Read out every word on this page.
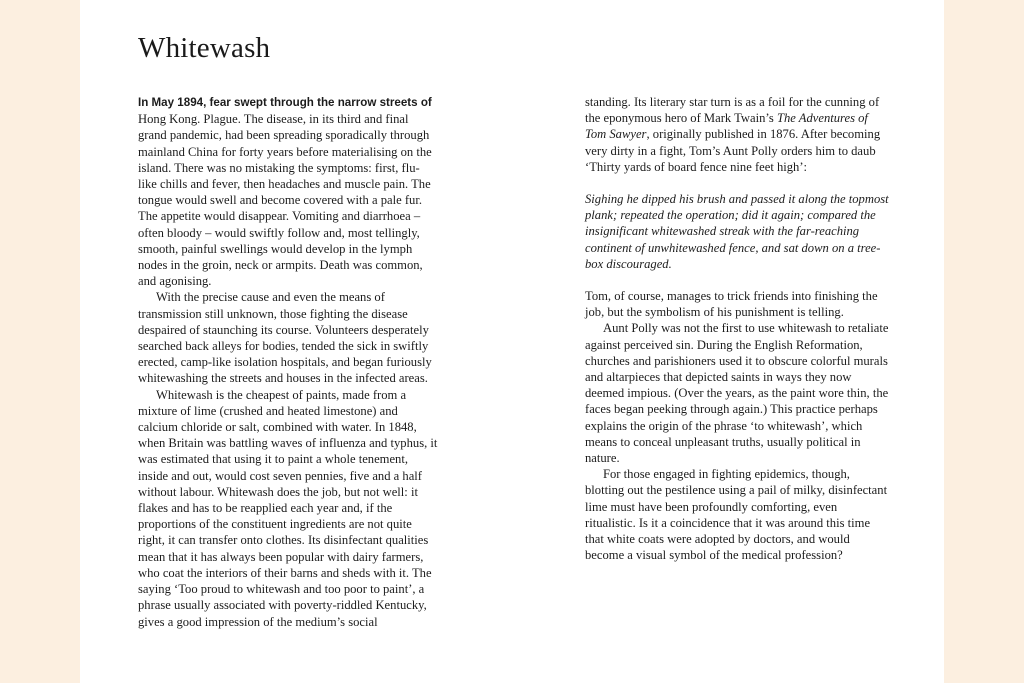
Whitewash

In May 1894, fear swept through the narrow streets of Hong Kong. Plague. The disease, in its third and final grand pandemic, had been spreading sporadically through mainland China for forty years before materialising on the island. There was no mistaking the symptoms: first, flu-like chills and fever, then headaches and muscle pain. The tongue would swell and become covered with a pale fur. The appetite would disappear. Vomiting and diarrhoea – often bloody – would swiftly follow and, most tellingly, smooth, painful swellings would develop in the lymph nodes in the groin, neck or armpits. Death was common, and agonising.

With the precise cause and even the means of transmission still unknown, those fighting the disease despaired of staunching its course. Volunteers desperately searched back alleys for bodies, tended the sick in swiftly erected, camp-like isolation hospitals, and began furiously whitewashing the streets and houses in the infected areas.

Whitewash is the cheapest of paints, made from a mixture of lime (crushed and heated limestone) and calcium chloride or salt, combined with water. In 1848, when Britain was battling waves of influenza and typhus, it was estimated that using it to paint a whole tenement, inside and out, would cost seven pennies, five and a half without labour. Whitewash does the job, but not well: it flakes and has to be reapplied each year and, if the proportions of the constituent ingredients are not quite right, it can transfer onto clothes. Its disinfectant qualities mean that it has always been popular with dairy farmers, who coat the interiors of their barns and sheds with it. The saying ‘Too proud to whitewash and too poor to paint’, a phrase usually associated with poverty-riddled Kentucky, gives a good impression of the medium’s social

standing. Its literary star turn is as a foil for the cunning of the eponymous hero of Mark Twain’s The Adventures of Tom Sawyer, originally published in 1876. After becoming very dirty in a fight, Tom’s Aunt Polly orders him to daub ‘Thirty yards of board fence nine feet high’:

Sighing he dipped his brush and passed it along the topmost plank; repeated the operation; did it again; compared the insignificant whitewashed streak with the far-reaching continent of unwhitewashed fence, and sat down on a tree-box discouraged.

Tom, of course, manages to trick friends into finishing the job, but the symbolism of his punishment is telling.

Aunt Polly was not the first to use whitewash to retaliate against perceived sin. During the English Reformation, churches and parishioners used it to obscure colorful murals and altarpieces that depicted saints in ways they now deemed impious. (Over the years, as the paint wore thin, the faces began peeking through again.) This practice perhaps explains the origin of the phrase ‘to whitewash’, which means to conceal unpleasant truths, usually political in nature.

For those engaged in fighting epidemics, though, blotting out the pestilence using a pail of milky, disinfectant lime must have been profoundly comforting, even ritualistic. Is it a coincidence that it was around this time that white coats were adopted by doctors, and would become a visual symbol of the medical profession?
